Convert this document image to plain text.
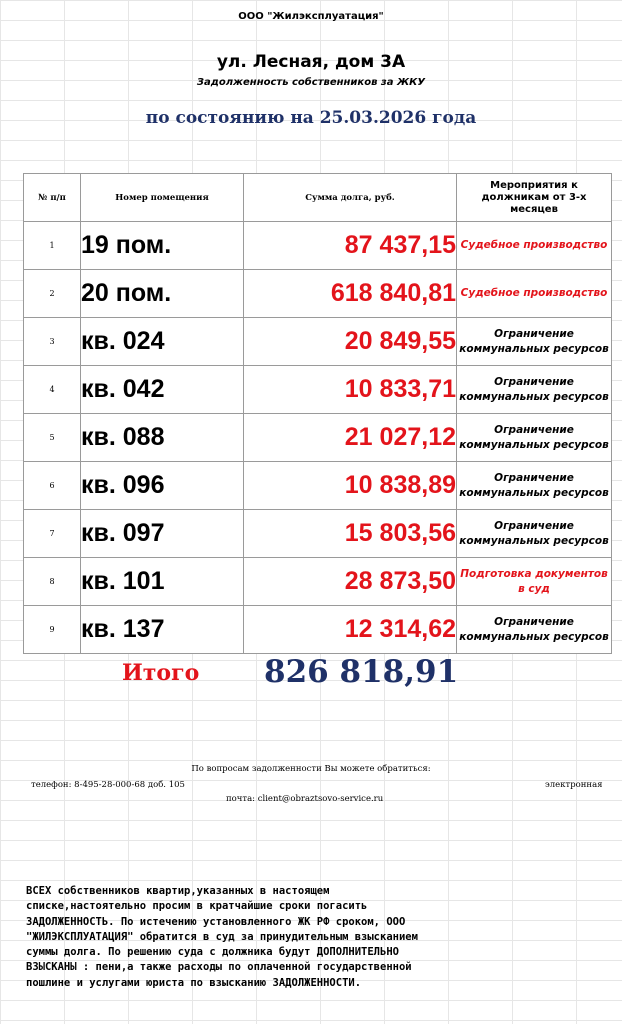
ООО "Жилэксплуатация"
ул. Лесная, дом 3А
Задолженность собственников за ЖКУ
по состоянию на 25.03.2026 года
№ п/п	Номер помещения	Сумма долга, руб.	Мероприятия к должникам от 3-х месяцев
1	19 пом.	87 437,15	Судебное производство
2	20 пом.	618 840,81	Судебное производство
3	кв. 024	20 849,55	Ограничение коммунальных ресурсов
4	кв. 042	10 833,71	Ограничение коммунальных ресурсов
5	кв. 088	21 027,12	Ограничение коммунальных ресурсов
6	кв. 096	10 838,89	Ограничение коммунальных ресурсов
7	кв. 097	15 803,56	Ограничение коммунальных ресурсов
8	кв. 101	28 873,50	Подготовка документов в суд
9	кв. 137	12 314,62	Ограничение коммунальных ресурсов
Итого 826 818,91
По вопросам задолженности Вы можете обратиться:
телефон: 8-495-28-000-68 доб. 105	электронная
почта: client@obraztsovo-service.ru
ВСЕХ собственников квартир,указанных в настоящем
списке,настоятельно просим в кратчайшие сроки погасить
ЗАДОЛЖЕННОСТЬ. По истечению установленного ЖК РФ сроком, ООО
"ЖИЛЭКСПЛУАТАЦИЯ" обратится в суд за принудительным взысканием
суммы долга. По решению суда с должника будут ДОПОЛНИТЕЛЬНО
ВЗЫСКАНЫ : пени,а также расходы по оплаченной государственной
пошлине и услугами юриста по взысканию ЗАДОЛЖЕННОСТИ.
